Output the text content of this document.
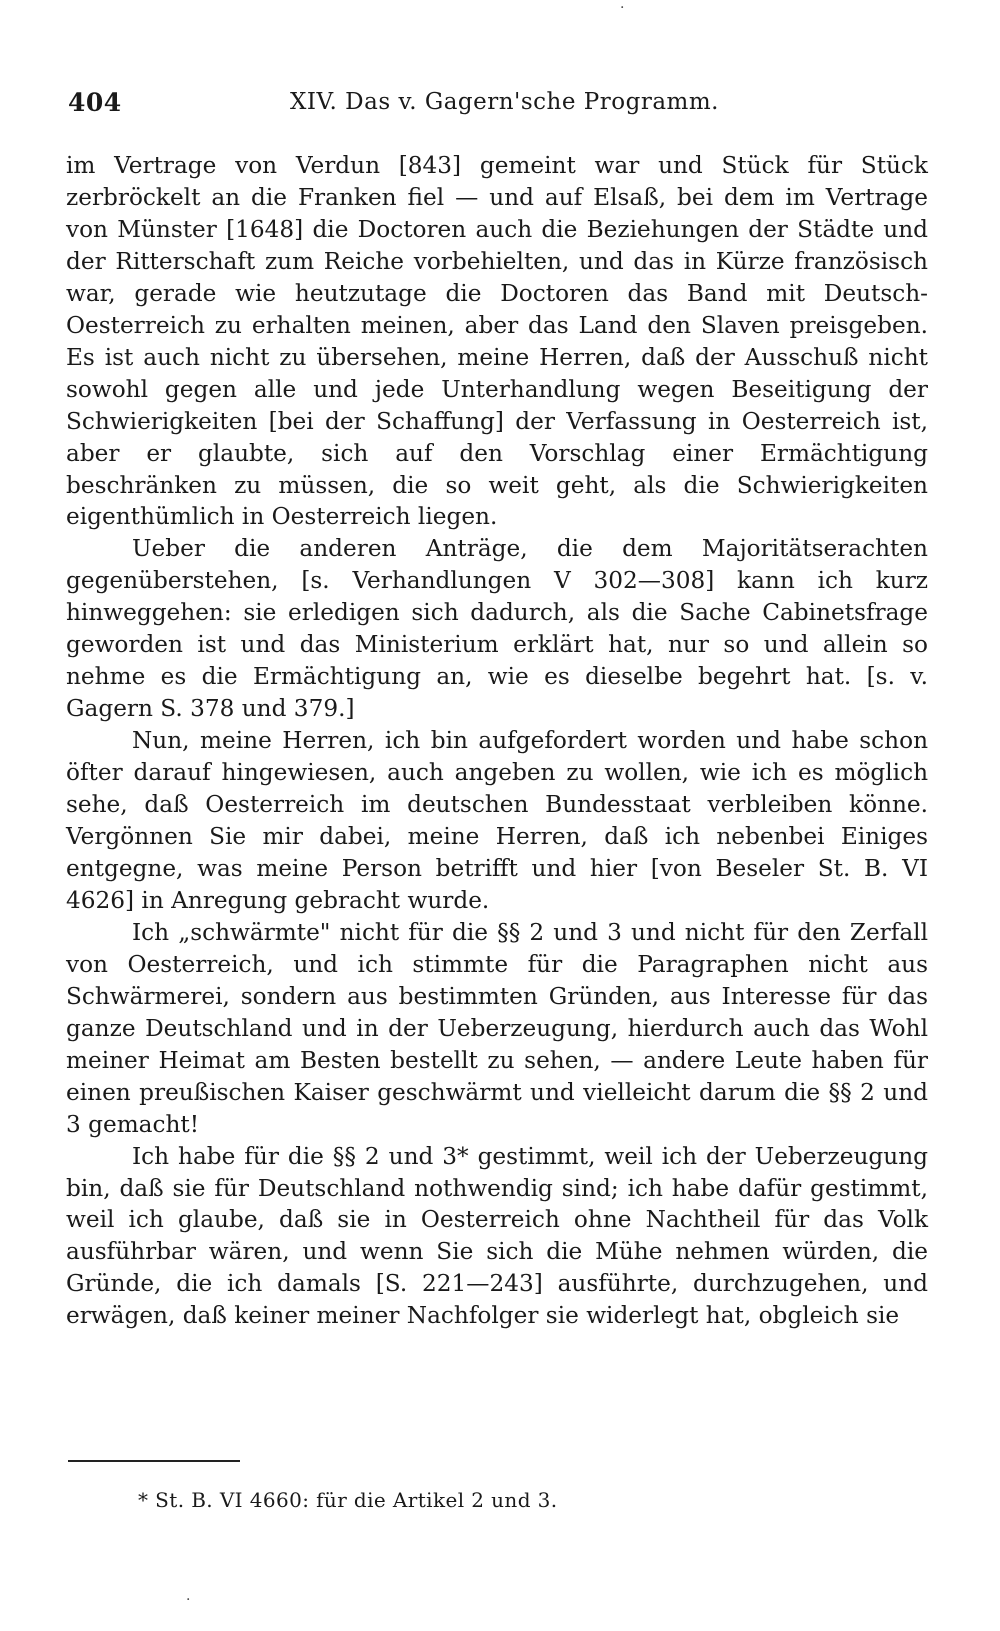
404	XIV. Das v. Gagern'sche Programm.

im Vertrage von Verdun [843] gemeint war und Stück für Stück zerbröckelt an die Franken fiel — und auf Elsaß, bei dem im Vertrage von Münster [1648] die Doctoren auch die Beziehungen der Städte und der Ritterschaft zum Reiche vorbehielten, und das in Kürze französisch war, gerade wie heutzutage die Doctoren das Band mit Deutsch-Oesterreich zu erhalten meinen, aber das Land den Slaven preisgeben. Es ist auch nicht zu übersehen, meine Herren, daß der Ausschuß nicht sowohl gegen alle und jede Unterhandlung wegen Beseitigung der Schwierigkeiten [bei der Schaffung] der Verfassung in Oesterreich ist, aber er glaubte, sich auf den Vorschlag einer Ermächtigung beschränken zu müssen, die so weit geht, als die Schwierigkeiten eigenthümlich in Oesterreich liegen.

Ueber die anderen Anträge, die dem Majoritätserachten gegenüberstehen, [s. Verhandlungen V 302—308] kann ich kurz hinweggehen: sie erledigen sich dadurch, als die Sache Cabinetsfrage geworden ist und das Ministerium erklärt hat, nur so und allein so nehme es die Ermächtigung an, wie es dieselbe begehrt hat. [s. v. Gagern S. 378 und 379.]

Nun, meine Herren, ich bin aufgefordert worden und habe schon öfter darauf hingewiesen, auch angeben zu wollen, wie ich es möglich sehe, daß Oesterreich im deutschen Bundesstaat verbleiben könne. Vergönnen Sie mir dabei, meine Herren, daß ich nebenbei Einiges entgegne, was meine Person betrifft und hier [von Beseler St. B. VI 4626] in Anregung gebracht wurde.

Ich „schwärmte" nicht für die §§ 2 und 3 und nicht für den Zerfall von Oesterreich, und ich stimmte für die Paragraphen nicht aus Schwärmerei, sondern aus bestimmten Gründen, aus Interesse für das ganze Deutschland und in der Ueberzeugung, hierdurch auch das Wohl meiner Heimat am Besten bestellt zu sehen, — andere Leute haben für einen preußischen Kaiser geschwärmt und vielleicht darum die §§ 2 und 3 gemacht!

Ich habe für die §§ 2 und 3* gestimmt, weil ich der Ueberzeugung bin, daß sie für Deutschland nothwendig sind; ich habe dafür gestimmt, weil ich glaube, daß sie in Oesterreich ohne Nachtheil für das Volk ausführbar wären, und wenn Sie sich die Mühe nehmen würden, die Gründe, die ich damals [S. 221—243] ausführte, durchzugehen, und erwägen, daß keiner meiner Nachfolger sie widerlegt hat, obgleich sie

* St. B. VI 4660: für die Artikel 2 und 3.
·
·
